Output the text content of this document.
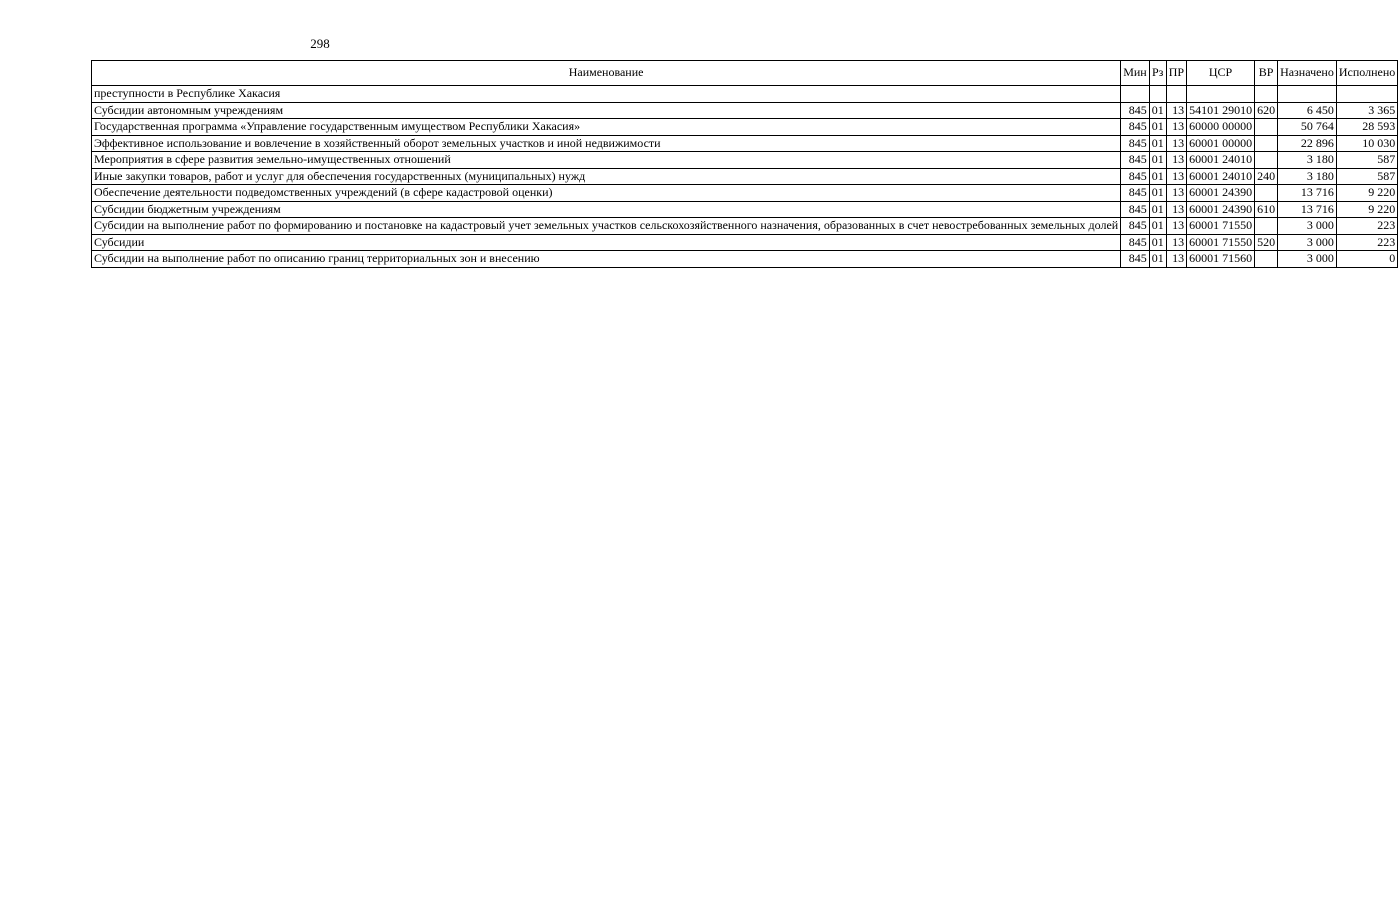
298
Наименование	Мин	Рз	ПР	ЦСР	ВР	Назначено	Исполнено
преступности в Республике Хакасия							
Субсидии автономным учреждениям	845	01	13	54101 29010	620	6 450	3 365
Государственная программа «Управление государственным имуществом Республики Хакасия»	845	01	13	60000 00000		50 764	28 593
Эффективное использование и вовлечение в хозяйственный оборот земельных участков и иной недвижимости	845	01	13	60001 00000		22 896	10 030
Мероприятия в сфере развития земельно-имущественных отношений	845	01	13	60001 24010		3 180	587
Иные закупки товаров, работ и услуг для обеспечения государственных (муниципальных) нужд	845	01	13	60001 24010	240	3 180	587
Обеспечение деятельности подведомственных учреждений (в сфере кадастровой оценки)	845	01	13	60001 24390		13 716	9 220
Субсидии бюджетным учреждениям	845	01	13	60001 24390	610	13 716	9 220
Субсидии на выполнение работ по формированию и постановке на кадастровый учет земельных участков сельскохозяйственного назначения, образованных в счет невостребованных земельных долей	845	01	13	60001 71550		3 000	223
Субсидии	845	01	13	60001 71550	520	3 000	223
Субсидии на выполнение работ по описанию границ территориальных зон и внесению	845	01	13	60001 71560		3 000	0
